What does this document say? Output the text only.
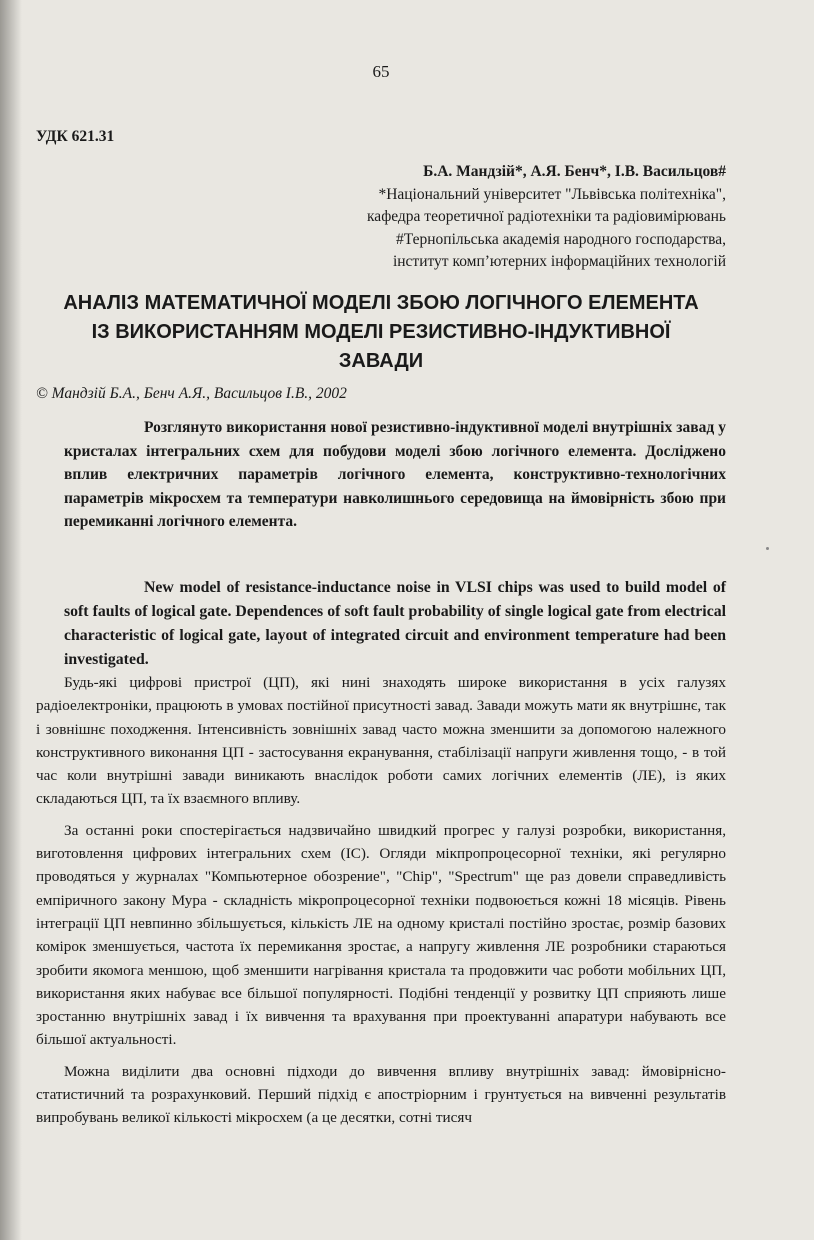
65
УДК 621.31
Б.А. Мандзій*, А.Я. Бенч*, І.В. Васильцов#
*Національний університет "Львівська політехніка",
кафедра теоретичної радіотехніки та радіовимірювань
#Тернопільська академія народного господарства,
інститут комп’ютерних інформаційних технологій
АНАЛІЗ МАТЕМАТИЧНОЇ МОДЕЛІ ЗБОЮ ЛОГІЧНОГО ЕЛЕМЕНТА
ІЗ ВИКОРИСТАННЯМ МОДЕЛІ РЕЗИСТИВНО-ІНДУКТИВНОЇ
ЗАВАДИ
© Мандзій Б.А., Бенч А.Я., Васильцов І.В., 2002
Розглянуто використання нової резистивно-індуктивної моделі внутрішніх завад у кристалах інтегральних схем для побудови моделі збою логічного елемента. Досліджено вплив електричних параметрів логічного елемента, конструктивно-технологічних параметрів мікросхем та температури навколишнього середовища на ймовірність збою при перемиканні логічного елемента.
New model of resistance-inductance noise in VLSI chips was used to build model of soft faults of logical gate. Dependences of soft fault probability of single logical gate from electrical characteristic of logical gate, layout of integrated circuit and environment temperature had been investigated.

Будь-які цифрові пристрої (ЦП), які нині знаходять широке використання в усіх галузях радіоелектроніки, працюють в умовах постійної присутності завад. Завади можуть мати як внутрішнє, так і зовнішнє походження. Інтенсивність зовнішніх завад часто можна зменшити за допомогою належного конструктивного виконання ЦП - застосування екранування, стабілізації напруги живлення тощо, - в той час коли внутрішні завади виникають внаслідок роботи самих логічних елементів (ЛЕ), із яких складаються ЦП, та їх взаємного впливу.

За останні роки спостерігається надзвичайно швидкий прогрес у галузі розробки, використання, виготовлення цифрових інтегральних схем (ІС). Огляди мікпропроцесорної техніки, які регулярно проводяться у журналах "Компьютерное обозрение", "Chip", "Spectrum" ще раз довели справедливість емпіричного закону Мура - складність мікропроцесорної техніки подвоюється кожні 18 місяців. Рівень інтеграції ЦП невпинно збільшується, кількість ЛЕ на одному кристалі постійно зростає, розмір базових комірок зменшується, частота їх перемикання зростає, а напругу живлення ЛЕ розробники стараються зробити якомога меншою, щоб зменшити нагрівання кристала та продовжити час роботи мобільних ЦП, використання яких набуває все більшої популярності. Подібні тенденції у розвитку ЦП сприяють лише зростанню внутрішніх завад і їх вивчення та врахування при проектуванні апаратури набувають все більшої актуальності.

Можна виділити два основні підходи до вивчення впливу внутрішніх завад: ймовірнісно-статистичний та розрахунковий. Перший підхід є апостріорним і грунтується на вивченні результатів випробувань великої кількості мікросхем (а це десятки, сотні тисяч
